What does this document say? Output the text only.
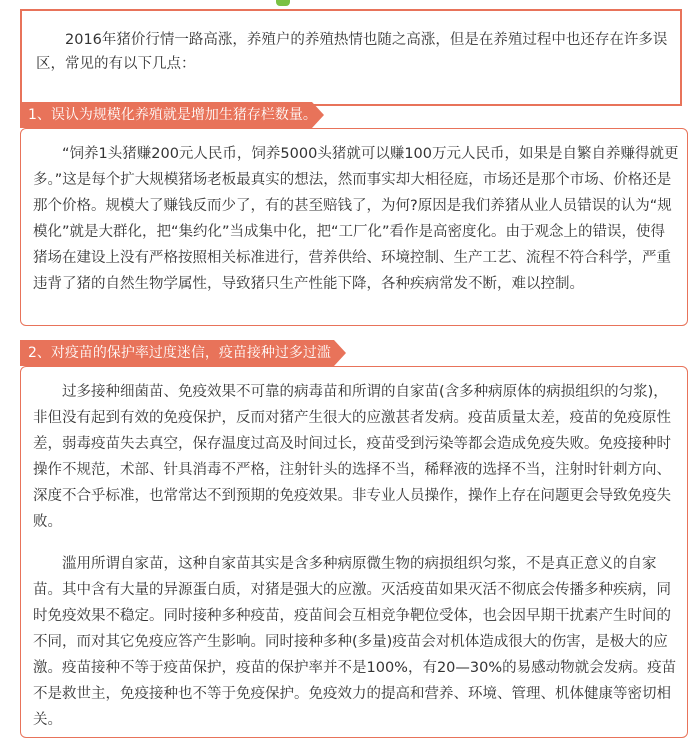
2016年猪价行情一路高涨，养殖户的养殖热情也随之高涨，但是在养殖过程中也还存在许多误区，常见的有以下几点：

1、误认为规模化养殖就是增加生猪存栏数量。

“饲养1头猪赚200元人民币，饲养5000头猪就可以赚100万元人民币，如果是自繁自养赚得就更多。”这是每个扩大规模猪场老板最真实的想法，然而事实却大相径庭，市场还是那个市场、价格还是那个价格。规模大了赚钱反而少了，有的甚至赔钱了，为何?原因是我们养猪从业人员错误的认为“规模化”就是大群化，把“集约化”当成集中化，把“工厂化”看作是高密度化。由于观念上的错误，使得猪场在建设上没有严格按照相关标准进行，营养供给、环境控制、生产工艺、流程不符合科学，严重违背了猪的自然生物学属性，导致猪只生产性能下降，各种疾病常发不断，难以控制。

2、对疫苗的保护率过度迷信，疫苗接种过多过滥

过多接种细菌苗、免疫效果不可靠的病毒苗和所谓的自家苗(含多种病原体的病损组织的匀浆)，非但没有起到有效的免疫保护，反而对猪产生很大的应激甚者发病。疫苗质量太差，疫苗的免疫原性差，弱毒疫苗失去真空，保存温度过高及时间过长，疫苗受到污染等都会造成免疫失败。免疫接种时操作不规范，术部、针具消毒不严格，注射针头的选择不当，稀释液的选择不当，注射时针刺方向、深度不合乎标准，也常常达不到预期的免疫效果。非专业人员操作，操作上存在问题更会导致免疫失败。

滥用所谓自家苗，这种自家苗其实是含多种病原微生物的病损组织匀浆，不是真正意义的自家苗。其中含有大量的异源蛋白质，对猪是强大的应激。灭活疫苗如果灭活不彻底会传播多种疾病，同时免疫效果不稳定。同时接种多种疫苗，疫苗间会互相竞争靶位受体，也会因早期干扰素产生时间的不同，而对其它免疫应答产生影响。同时接种多种(多量)疫苗会对机体造成很大的伤害，是极大的应激。疫苗接种不等于疫苗保护，疫苗的保护率并不是100%，有20—30%的易感动物就会发病。疫苗不是救世主，免疫接种也不等于免疫保护。免疫效力的提高和营养、环境、管理、机体健康等密切相关。
